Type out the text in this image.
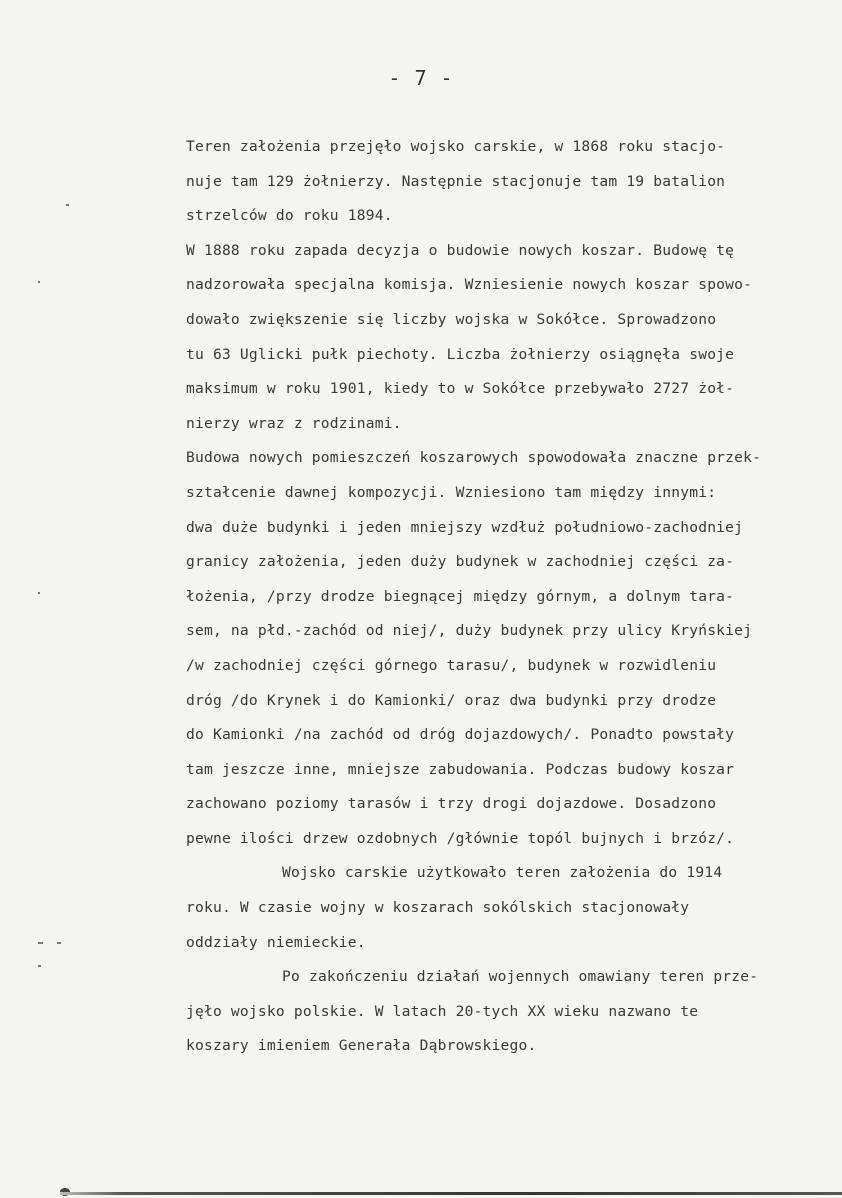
- 7 -
Teren założenia przejęło wojsko carskie, w 1868 roku stacjo-
nuje tam 129 żołnierzy. Następnie stacjonuje tam 19 batalion
strzelców do roku 1894.
W 1888 roku zapada decyzja o budowie nowych koszar. Budowę tę
nadzorowała specjalna komisja. Wzniesienie nowych koszar spowo-
dowało zwiększenie się liczby wojska w Sokółce. Sprowadzono
tu 63 Uglicki pułk piechoty. Liczba żołnierzy osiągnęła swoje
maksimum w roku 1901, kiedy to w Sokółce przebywało 2727 żoł-
nierzy wraz z rodzinami.
Budowa nowych pomieszczeń koszarowych spowodowała znaczne przek-
ształcenie dawnej kompozycji. Wzniesiono tam między innymi:
dwa duże budynki i jeden mniejszy wzdłuż południowo-zachodniej
granicy założenia, jeden duży budynek w zachodniej części za-
łożenia, /przy drodze biegnącej między górnym, a dolnym tara-
sem, na płd.-zachód od niej/, duży budynek przy ulicy Kryńskiej
/w zachodniej części górnego tarasu/, budynek w rozwidleniu
dróg /do Krynek i do Kamionki/ oraz dwa budynki przy drodze
do Kamionki /na zachód od dróg dojazdowych/. Ponadto powstały
tam jeszcze inne, mniejsze zabudowania. Podczas budowy koszar
zachowano poziomy tarasów i trzy drogi dojazdowe. Dosadzono
pewne ilości drzew ozdobnych /głównie topól bujnych i brzóz/.
Wojsko carskie użytkowało teren założenia do 1914
roku. W czasie wojny w koszarach sokólskich stacjonowały
oddziały niemieckie.
Po zakończeniu działań wojennych omawiany teren prze-
jęło wojsko polskie. W latach 20-tych XX wieku nazwano te
koszary imieniem Generała Dąbrowskiego.
